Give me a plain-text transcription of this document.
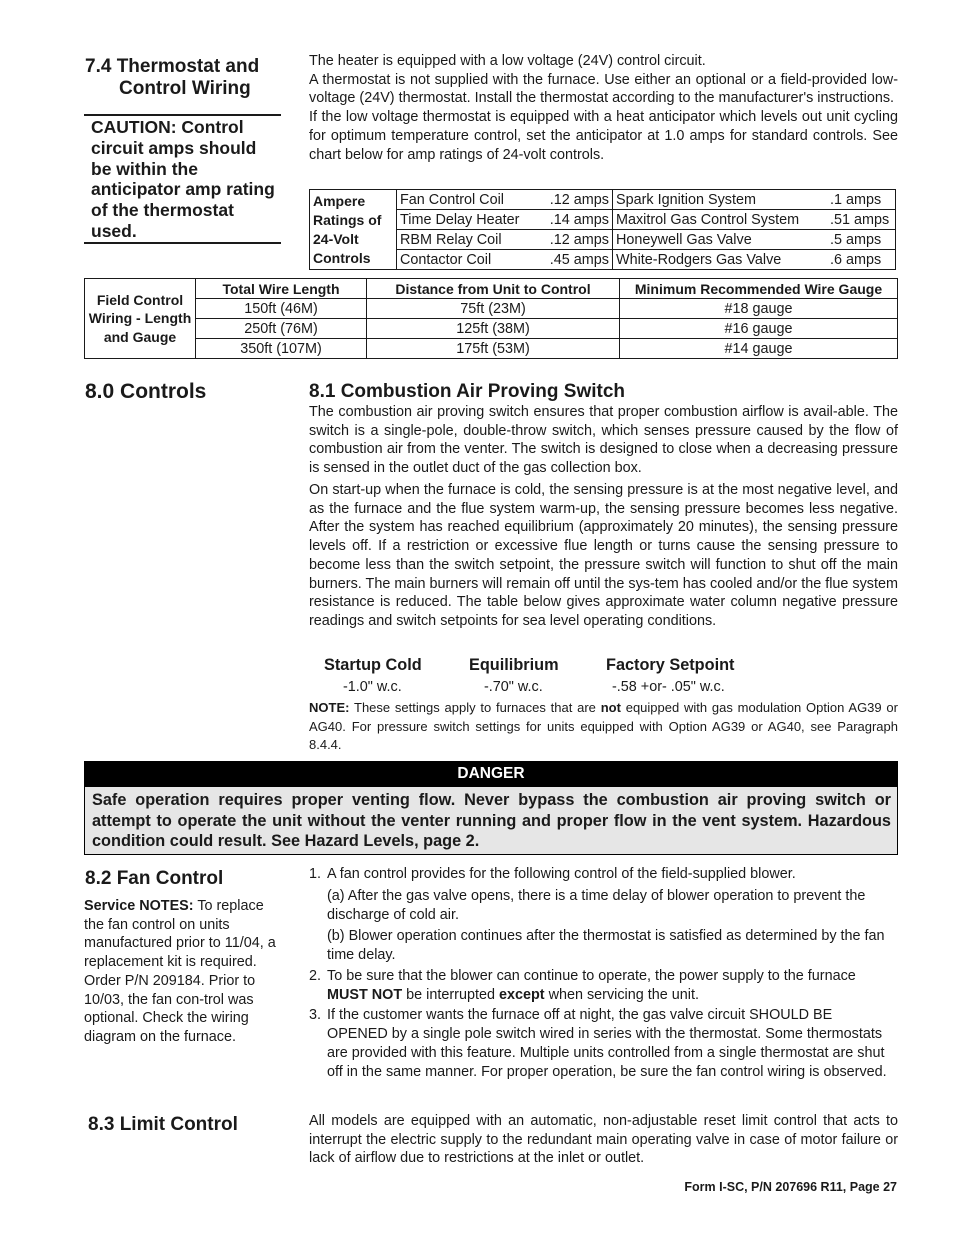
7.4 Thermostat and
Control Wiring
CAUTION: Control circuit amps should be within the anticipator amp rating of the thermostat used.
The heater is equipped with a low voltage (24V) control circuit.
A thermostat is not supplied with the furnace. Use either an optional or a field-provided low-voltage (24V) thermostat. Install the thermostat according to the manufacturer's instructions.
If the low voltage thermostat is equipped with a heat anticipator which levels out unit cycling for optimum temperature control, set the anticipator at 1.0 amps for standard controls. See chart below for amp ratings of 24-volt controls.
Ampere Ratings of 24-Volt Controls	Fan Control Coil .12 amps	Spark Ignition System .1 amps

	Time Delay Heater .14 amps	Maxitrol Gas Control System .51 amps

	RBM Relay Coil .12 amps	Honeywell Gas Valve .5 amps

	Contactor Coil .45 amps	White-Rodgers Gas Valve .6 amps
Field Control Wiring - Length and Gauge	Total Wire Length	Distance from Unit to Control	Minimum Recommended Wire Gauge
	150ft (46M)	75ft (23M)	#18 gauge
	250ft (76M)	125ft (38M)	#16 gauge
	350ft (107M)	175ft (53M)	#14 gauge
8.0 Controls	8.1 Combustion Air Proving Switch
The combustion air proving switch ensures that proper combustion airflow is avail-able. The switch is a single-pole, double-throw switch, which senses pressure caused by the flow of combustion air from the venter. The switch is designed to close when a decreasing pressure is sensed in the outlet duct of the gas collection box.
On start-up when the furnace is cold, the sensing pressure is at the most negative level, and as the furnace and the flue system warm-up, the sensing pressure becomes less negative. After the system has reached equilibrium (approximately 20 minutes), the sensing pressure levels off. If a restriction or excessive flue length or turns cause the sensing pressure to become less than the switch setpoint, the pressure switch will function to shut off the main burners. The main burners will remain off until the sys-tem has cooled and/or the flue system resistance is reduced. The table below gives approximate water column negative pressure readings and switch setpoints for sea level operating conditions.
Startup Cold	Equilibrium	Factory Setpoint
-1.0" w.c.	-.70" w.c.	-.58 +or- .05" w.c.
NOTE: These settings apply to furnaces that are not equipped with gas modulation Option AG39 or AG40. For pressure switch settings for units equipped with Option AG39 or AG40, see Paragraph 8.4.4.
DANGER
Safe operation requires proper venting flow. Never bypass the combustion air proving switch or attempt to operate the unit without the venter running and proper flow in the vent system. Hazardous condition could result. See Hazard Levels, page 2.
8.2 Fan Control
Service NOTES: To replace the fan control on units manufactured prior to 11/04, a replacement kit is required. Order P/N 209184. Prior to 10/03, the fan con-trol was optional. Check the wiring diagram on the furnace.
1. A fan control provides for the following control of the field-supplied blower.
(a) After the gas valve opens, there is a time delay of blower operation to prevent the discharge of cold air.
(b) Blower operation continues after the thermostat is satisfied as determined by the fan time delay.
2. To be sure that the blower can continue to operate, the power supply to the furnace MUST NOT be interrupted except when servicing the unit.
3. If the customer wants the furnace off at night, the gas valve circuit SHOULD BE OPENED by a single pole switch wired in series with the thermostat. Some thermostats are provided with this feature. Multiple units controlled from a single thermostat are shut off in the same manner. For proper operation, be sure the fan control wiring is observed.
8.3 Limit Control	All models are equipped with an automatic, non-adjustable reset limit control that acts to interrupt the electric supply to the redundant main operating valve in case of motor failure or lack of airflow due to restrictions at the inlet or outlet.
Form I-SC, P/N 207696 R11, Page 27
